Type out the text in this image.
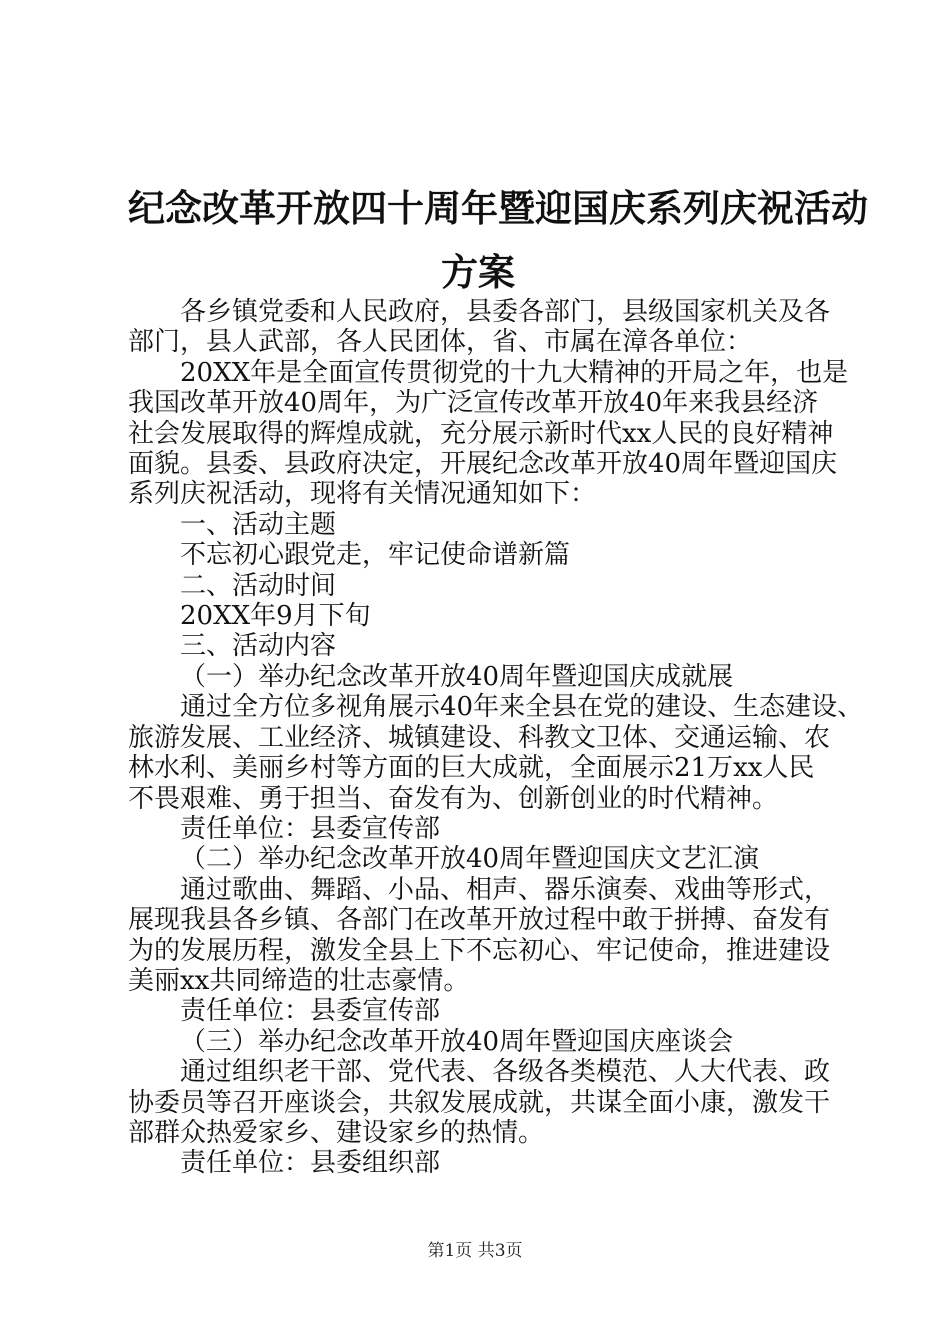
纪念改革开放四十周年暨迎国庆系列庆祝活动
方案

各乡镇党委和人民政府，县委各部门，县级国家机关及各

部门，县人武部，各人民团体，省、市属在漳各单位：

20XX年是全面宣传贯彻党的十九大精神的开局之年，也是

我国改革开放40周年，为广泛宣传改革开放40年来我县经济

社会发展取得的辉煌成就，充分展示新时代xx人民的良好精神

面貌。县委、县政府决定，开展纪念改革开放40周年暨迎国庆

系列庆祝活动，现将有关情况通知如下：

一、活动主题

不忘初心跟党走，牢记使命谱新篇

二、活动时间

20XX年9月下旬

三、活动内容

（一）举办纪念改革开放40周年暨迎国庆成就展

通过全方位多视角展示40年来全县在党的建设、生态建设、

旅游发展、工业经济、城镇建设、科教文卫体、交通运输、农

林水利、美丽乡村等方面的巨大成就，全面展示21万xx人民

不畏艰难、勇于担当、奋发有为、创新创业的时代精神。

责任单位：县委宣传部

（二）举办纪念改革开放40周年暨迎国庆文艺汇演

通过歌曲、舞蹈、小品、相声、器乐演奏、戏曲等形式，

展现我县各乡镇、各部门在改革开放过程中敢于拼搏、奋发有

为的发展历程，激发全县上下不忘初心、牢记使命，推进建设

美丽xx共同缔造的壮志豪情。

责任单位：县委宣传部

（三）举办纪念改革开放40周年暨迎国庆座谈会

通过组织老干部、党代表、各级各类模范、人大代表、政

协委员等召开座谈会，共叙发展成就，共谋全面小康，激发干

部群众热爱家乡、建设家乡的热情。

责任单位：县委组织部

第1页 共3页
